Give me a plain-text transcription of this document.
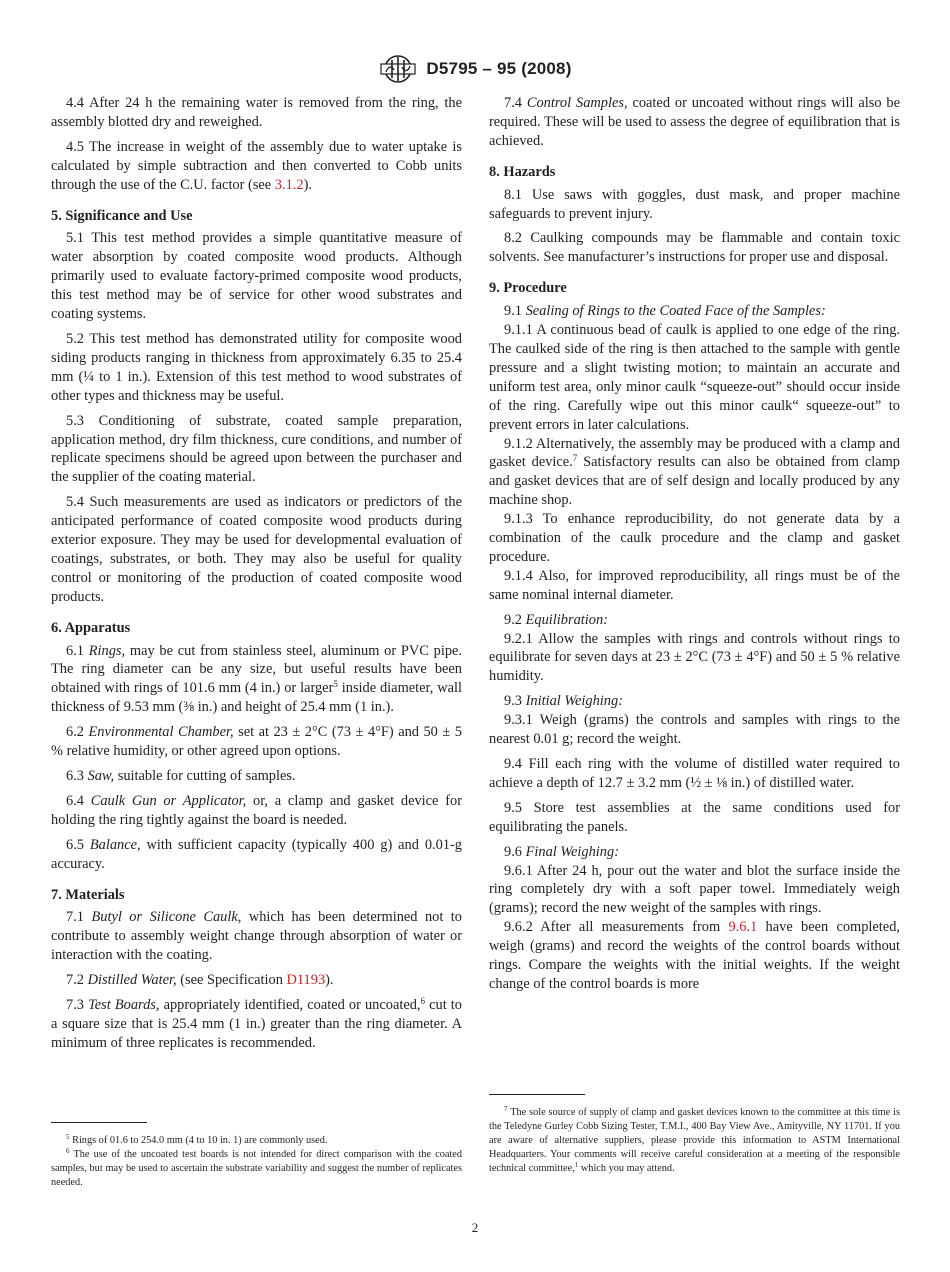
D5795 – 95 (2008)

4.4 After 24 h the remaining water is removed from the ring, the assembly blotted dry and reweighed.

4.5 The increase in weight of the assembly due to water uptake is calculated by simple subtraction and then converted to Cobb units through the use of the C.U. factor (see 3.1.2).

5. Significance and Use

5.1 This test method provides a simple quantitative measure of water absorption by coated composite wood products. Although primarily used to evaluate factory-primed composite wood products, this test method may be of service for other wood substrates and coating systems.

5.2 This test method has demonstrated utility for composite wood siding products ranging in thickness from approximately 6.35 to 25.4 mm (¼ to 1 in.). Extension of this test method to wood substrates of other types and thickness may be useful.

5.3 Conditioning of substrate, coated sample preparation, application method, dry film thickness, cure conditions, and number of replicate specimens should be agreed upon between the purchaser and the supplier of the coating material.

5.4 Such measurements are used as indicators or predictors of the anticipated performance of coated composite wood products during exterior exposure. They may be used for developmental evaluation of coatings, substrates, or both. They may also be useful for quality control or monitoring of the production of coated composite wood products.

6. Apparatus

6.1 Rings, may be cut from stainless steel, aluminum or PVC pipe. The ring diameter can be any size, but useful results have been obtained with rings of 101.6 mm (4 in.) or larger$^5$ inside diameter, wall thickness of 9.53 mm (⅜ in.) and height of 25.4 mm (1 in.).

6.2 Environmental Chamber, set at 23 ± 2°C (73 ± 4°F) and 50 ± 5 % relative humidity, or other agreed upon options.

6.3 Saw, suitable for cutting of samples.

6.4 Caulk Gun or Applicator, or, a clamp and gasket device for holding the ring tightly against the board is needed.

6.5 Balance, with sufficient capacity (typically 400 g) and 0.01-g accuracy.

7. Materials

7.1 Butyl or Silicone Caulk, which has been determined not to contribute to assembly weight change through absorption of water or interaction with the coating.

7.2 Distilled Water, (see Specification D1193).

7.3 Test Boards, appropriately identified, coated or uncoated,$^6$ cut to a square size that is 25.4 mm (1 in.) greater than the ring diameter. A minimum of three replicates is recommended.

7.4 Control Samples, coated or uncoated without rings will also be required. These will be used to assess the degree of equilibration that is achieved.

8. Hazards

8.1 Use saws with goggles, dust mask, and proper machine safeguards to prevent injury.

8.2 Caulking compounds may be flammable and contain toxic solvents. See manufacturer’s instructions for proper use and disposal.

9. Procedure

9.1 Sealing of Rings to the Coated Face of the Samples:

9.1.1 A continuous bead of caulk is applied to one edge of the ring. The caulked side of the ring is then attached to the sample with gentle pressure and a slight twisting motion; to maintain an accurate and uniform test area, only minor caulk “squeeze-out” should occur inside of the ring. Carefully wipe out this minor caulk“ squeeze-out” to prevent errors in later calculations.

9.1.2 Alternatively, the assembly may be produced with a clamp and gasket device.$^7$ Satisfactory results can also be obtained from clamp and gasket devices that are of self design and locally produced by any machine shop.

9.1.3 To enhance reproducibility, do not generate data by a combination of the caulk procedure and the clamp and gasket procedure.

9.1.4 Also, for improved reproducibility, all rings must be of the same nominal internal diameter.

9.2 Equilibration:

9.2.1 Allow the samples with rings and controls without rings to equilibrate for seven days at 23 ± 2°C (73 ± 4°F) and 50 ± 5 % relative humidity.

9.3 Initial Weighing:

9.3.1 Weigh (grams) the controls and samples with rings to the nearest 0.01 g; record the weight.

9.4 Fill each ring with the volume of distilled water required to achieve a depth of 12.7 ± 3.2 mm (½ ± ⅛ in.) of distilled water.

9.5 Store test assemblies at the same conditions used for equilibrating the panels.

9.6 Final Weighing:

9.6.1 After 24 h, pour out the water and blot the surface inside the ring completely dry with a soft paper towel. Immediately weigh (grams); record the new weight of the samples with rings.

9.6.2 After all measurements from 9.6.1 have been completed, weigh (grams) and record the weights of the control boards without rings. Compare the weights with the initial weights. If the weight change of the control boards is more

$^5$ Rings of 01.6 to 254.0 mm (4 to 10 in. 1) are commonly used.

$^6$ The use of the uncoated test boards is not intended for direct comparison with the coated samples, but may be used to ascertain the substrate variability and suggest the number of replicates needed.

$^7$ The sole source of supply of clamp and gasket devices known to the committee at this time is the Teledyne Gurley Cobb Sizing Tester, T.M.I., 400 Bay View Ave., Amityville, NY 11701. If you are aware of alternative suppliers, please provide this information to ASTM International Headquarters. Your comments will receive careful consideration at a meeting of the responsible technical committee,$^1$ which you may attend.

2
